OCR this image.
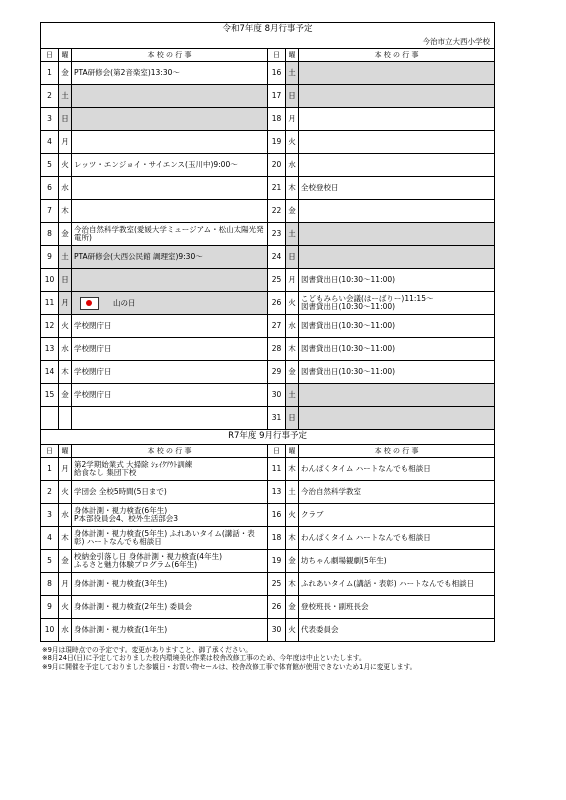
令和7年度 8月行事予定					
今治市立大西小学校					
日	曜	本 校 の 行 事	日	曜	本 校 の 行 事
1	金	PTA研修会(第2音楽室)13:30～	16	土	
2	土		17	日	
3	日		18	月	
4	月		19	火	
5	火	レッツ・エンジョイ・サイエンス(玉川中)9:00～	20	水	
6	水		21	木	全校登校日
7	木		22	金	
8	金	今治自然科学教室(愛媛大学ミュージアム・松山太陽光発電所)	23	土	
9	土	PTA研修会(大西公民館 調理室)9:30～	24	日	
10	日		25	月	図書貸出日(10:30～11:00)
11	月	山の日	26	火	こどもみらい会議(はーばりー)11:15～
図書貸出日(10:30～11:00)
12	火	学校閉庁日	27	水	図書貸出日(10:30～11:00)
13	水	学校閉庁日	28	木	図書貸出日(10:30～11:00)
14	木	学校閉庁日	29	金	図書貸出日(10:30～11:00)
15	金	学校閉庁日	30	土	
			31	日	
R7年度 9月行事予定					
日	曜	本 校 の 行 事	日	曜	本 校 の 行 事
1	月	第2学期始業式 大掃除 ｼｪｲｸｱｳﾄ訓練
給食なし 集団下校	11	木	わんぱくタイム ハートなんでも相談日
2	火	学団会 全校5時間(5日まで)	13	土	今治自然科学教室
3	水	身体計測・視力検査(6年生)
P本部役員会4、校外生活部会3	16	火	クラブ
4	木	身体計測・視力検査(5年生) ふれあいタイム(講話・表彰) ハートなんでも相談日	18	木	わんぱくタイム ハートなんでも相談日
5	金	校納金引落し日 身体計測・視力検査(4年生)
ふるさと魅力体験プログラム(6年生)	19	金	坊ちゃん劇場観劇(5年生)
8	月	身体計測・視力検査(3年生)	25	木	ふれあいタイム(講話・表彰) ハートなんでも相談日
9	火	身体計測・視力検査(2年生) 委員会	26	金	登校班長・副班長会
10	水	身体計測・視力検査(1年生)	30	火	代表委員会
※9月は現時点での予定です。変更がありますこと、御了承ください。
※8月24日(日)に予定しておりました校内環境美化作業は校舎改修工事のため、今年度は中止といたします。
※9月に開催を予定しておりました参観日・お買い物セールは、校舎改修工事で体育館が使用できないため1月に変更します。
